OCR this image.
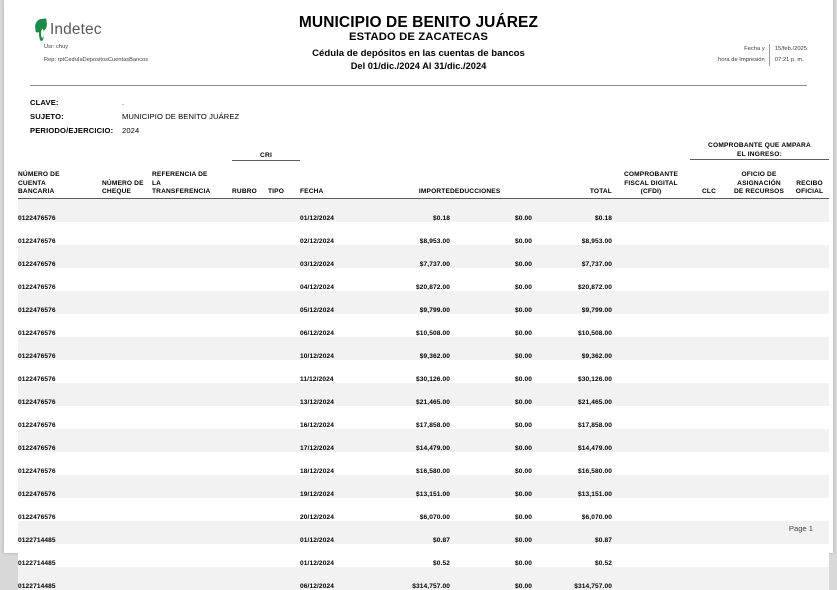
Indetec
Usr: chuy
Rep: rptCeduIaDepositosCuentasBancos
MUNICIPIO DE BENITO JUÁREZ
ESTADO DE ZACATECAS
Cédula de depósitos en las cuentas de bancos
Del 01/dic./2024 Al 31/dic./2024
Fecha y
hora de Impresión
15/feb./2025
07:21 p. m.
CLAVE:	.
SUJETO:	MUNICIPIO DE BENITO JUÁREZ
PERIODO/EJERCICIO:	2024
			CRI							COMPROBANTE QUE AMPARA
EL INGRESO:		

NÚMERO DE
CUENTA
BANCARIA

NÚMERO DE
CHEQUE

REFERENCIA DE
LA
TRANSFERENCIA	RUBRO	TIPO	FECHA	IMPORTE	DEDUCCIONES	TOTAL	
COMPROBANTE
FISCAL DIGITAL
(CFDI)	CLC	
OFICIO DE
ASIGNACIÓN
DE RECURSOS

RECIBO
OFICIAL

0122476576					01/12/2024	$0.18	$0.00	$0.18				
0122476576					02/12/2024	$8,953.00	$0.00	$8,953.00				
0122476576					03/12/2024	$7,737.00	$0.00	$7,737.00				
0122476576					04/12/2024	$20,872.00	$0.00	$20,872.00				
0122476576					05/12/2024	$9,799.00	$0.00	$9,799.00				
0122476576					06/12/2024	$10,508.00	$0.00	$10,508.00				
0122476576					10/12/2024	$9,362.00	$0.00	$9,362.00				
0122476576					11/12/2024	$30,126.00	$0.00	$30,126.00				
0122476576					13/12/2024	$21,465.00	$0.00	$21,465.00				
0122476576					16/12/2024	$17,858.00	$0.00	$17,858.00				
0122476576					17/12/2024	$14,479.00	$0.00	$14,479.00				
0122476576					18/12/2024	$16,580.00	$0.00	$16,580.00				
0122476576					19/12/2024	$13,151.00	$0.00	$13,151.00				
0122476576					20/12/2024	$6,070.00	$0.00	$6,070.00				
0122714485					01/12/2024	$0.87	$0.00	$0.87				
0122714485					01/12/2024	$0.52	$0.00	$0.52				
0122714485					06/12/2024	$314,757.00	$0.00	$314,757.00				
Page 1
